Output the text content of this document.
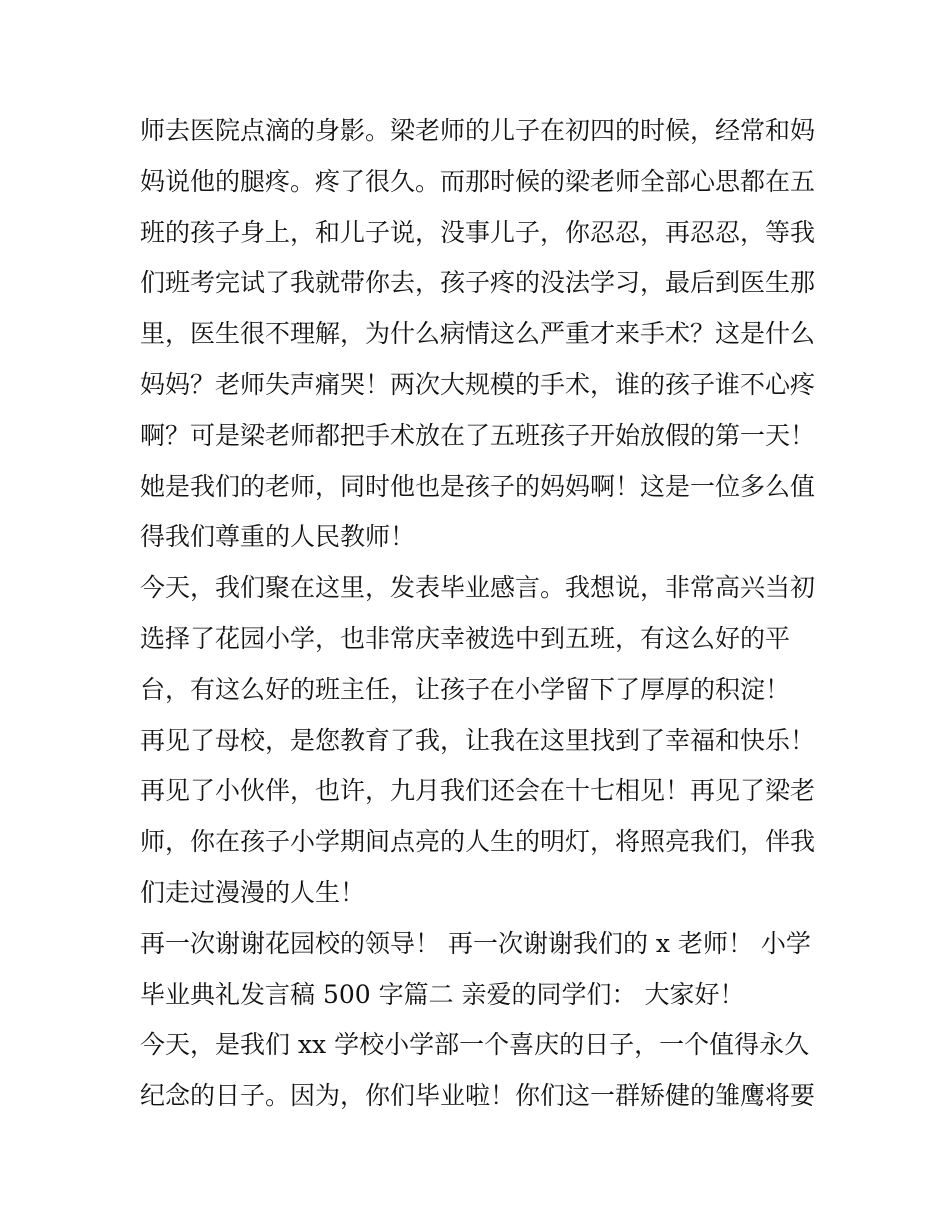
师去医院点滴的身影。梁老师的儿子在初四的时候，经常和妈
妈说他的腿疼。疼了很久。而那时候的梁老师全部心思都在五
班的孩子身上，和儿子说，没事儿子，你忍忍，再忍忍，等我
们班考完试了我就带你去，孩子疼的没法学习，最后到医生那
里，医生很不理解，为什么病情这么严重才来手术？这是什么
妈妈？老师失声痛哭！两次大规模的手术，谁的孩子谁不心疼
啊？可是梁老师都把手术放在了五班孩子开始放假的第一天！
她是我们的老师，同时他也是孩子的妈妈啊！这是一位多么值
得我们尊重的人民教师！
今天，我们聚在这里，发表毕业感言。我想说，非常高兴当初
选择了花园小学，也非常庆幸被选中到五班，有这么好的平
台，有这么好的班主任，让孩子在小学留下了厚厚的积淀！
再见了母校，是您教育了我，让我在这里找到了幸福和快乐！
再见了小伙伴，也许，九月我们还会在十七相见！再见了梁老
师，你在孩子小学期间点亮的人生的明灯，将照亮我们，伴我
们走过漫漫的人生！
再一次谢谢花园校的领导！ 再一次谢谢我们的 x 老师！ 小学
毕业典礼发言稿 500 字篇二 亲爱的同学们： 大家好！
今天，是我们 xx 学校小学部一个喜庆的日子，一个值得永久
纪念的日子。因为，你们毕业啦！你们这一群矫健的雏鹰将要
